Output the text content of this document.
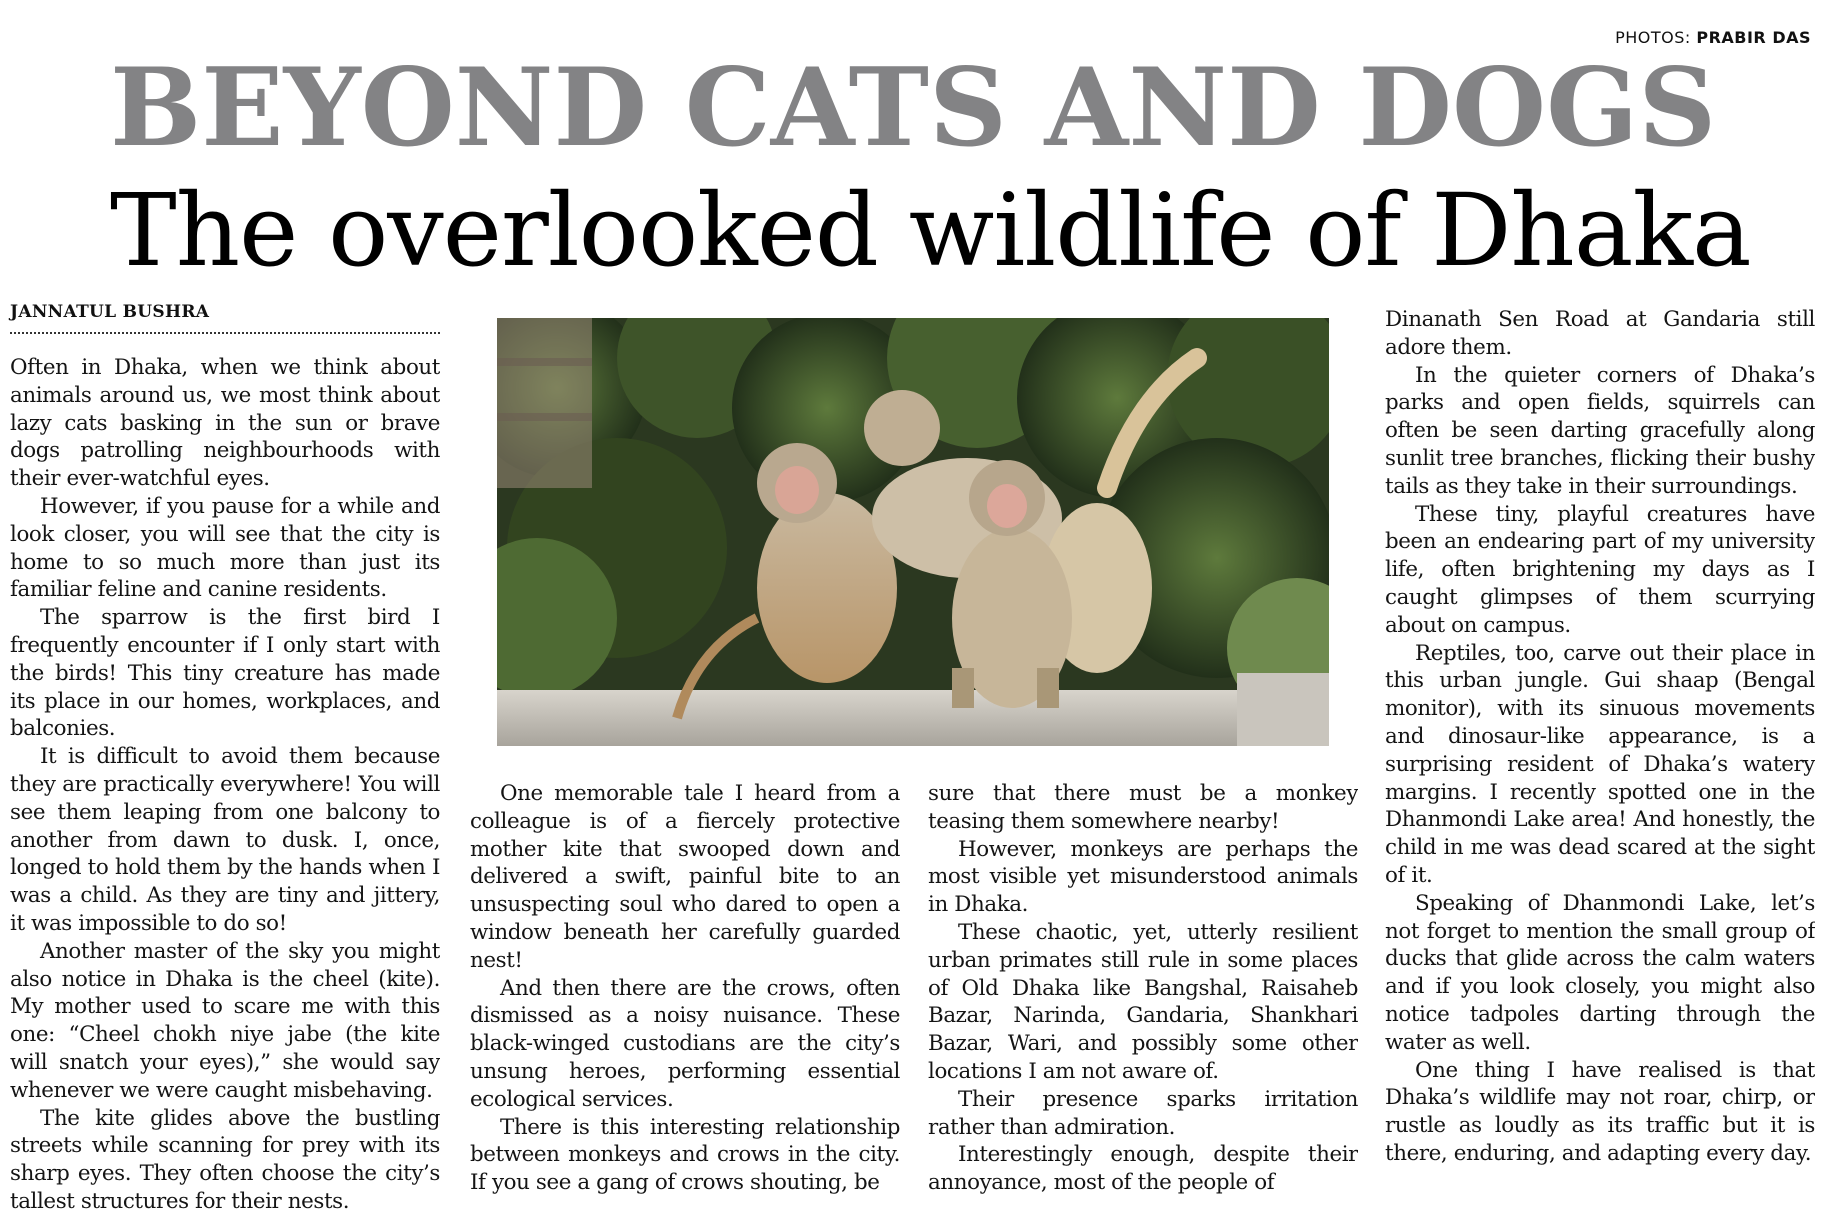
PHOTOS: PRABIR DAS
BEYOND CATS AND DOGS
The overlooked wildlife of Dhaka
JANNATUL BUSHRA

Often in Dhaka, when we think about animals around us, we most think about lazy cats basking in the sun or brave dogs patrolling neighbourhoods with their ever-watchful eyes.

However, if you pause for a while and look closer, you will see that the city is home to so much more than just its familiar feline and canine residents.

The sparrow is the first bird I frequently encounter if I only start with the birds! This tiny creature has made its place in our homes, workplaces, and balconies.

It is difficult to avoid them because they are practically everywhere! You will see them leaping from one balcony to another from dawn to dusk. I, once, longed to hold them by the hands when I was a child. As they are tiny and jittery, it was impossible to do so!

Another master of the sky you might also notice in Dhaka is the cheel (kite). My mother used to scare me with this one: “Cheel chokh niye jabe (the kite will snatch your eyes),” she would say whenever we were caught misbehaving.

The kite glides above the bustling streets while scanning for prey with its sharp eyes. They often choose the city’s tallest structures for their nests.

One memorable tale I heard from a colleague is of a fiercely protective mother kite that swooped down and delivered a swift, painful bite to an unsuspecting soul who dared to open a window beneath her carefully guarded nest!

And then there are the crows, often dismissed as a noisy nuisance. These black-winged custodians are the city’s unsung heroes, performing essential ecological services.

There is this interesting relationship between monkeys and crows in the city. If you see a gang of crows shouting, be

sure that there must be a monkey teasing them somewhere nearby!

However, monkeys are perhaps the most visible yet misunderstood animals in Dhaka.

These chaotic, yet, utterly resilient urban primates still rule in some places of Old Dhaka like Bangshal, Raisaheb Bazar, Narinda, Gandaria, Shankhari Bazar, Wari, and possibly some other locations I am not aware of.

Their presence sparks irritation rather than admiration.

Interestingly enough, despite their annoyance, most of the people of

Dinanath Sen Road at Gandaria still adore them.

In the quieter corners of Dhaka’s parks and open fields, squirrels can often be seen darting gracefully along sunlit tree branches, flicking their bushy tails as they take in their surroundings.

These tiny, playful creatures have been an endearing part of my university life, often brightening my days as I caught glimpses of them scurrying about on campus.

Reptiles, too, carve out their place in this urban jungle. Gui shaap (Bengal monitor), with its sinuous movements and dinosaur-like appearance, is a surprising resident of Dhaka’s watery margins. I recently spotted one in the Dhanmondi Lake area! And honestly, the child in me was dead scared at the sight of it.

Speaking of Dhanmondi Lake, let’s not forget to mention the small group of ducks that glide across the calm waters and if you look closely, you might also notice tadpoles darting through the water as well.

One thing I have realised is that Dhaka’s wildlife may not roar, chirp, or rustle as loudly as its traffic but it is there, enduring, and adapting every day.
